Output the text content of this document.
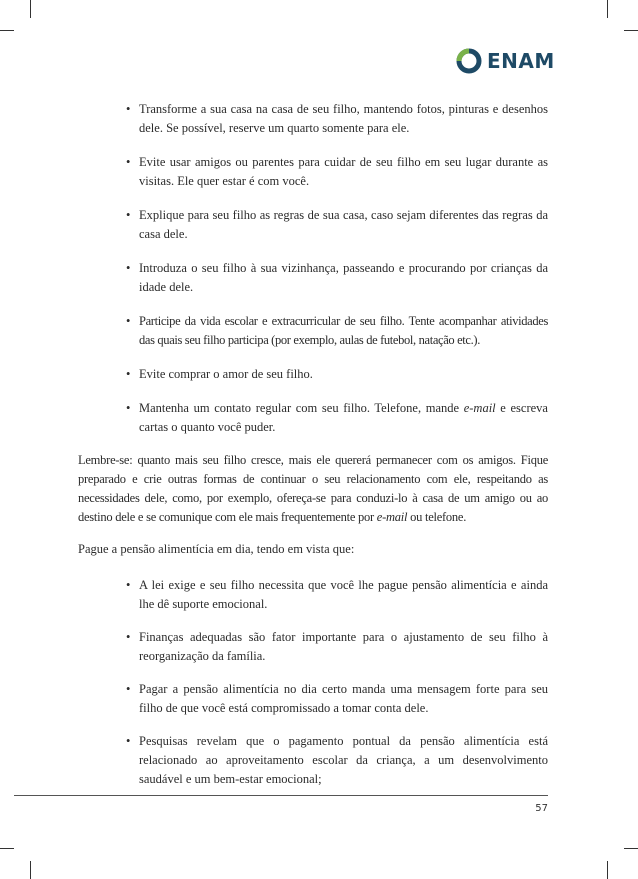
ENAM
• Transforme a sua casa na casa de seu filho, mantendo fotos, pinturas e desenhos dele. Se possível, reserve um quarto somente para ele.
• Evite usar amigos ou parentes para cuidar de seu filho em seu lugar durante as visitas. Ele quer estar é com você.
• Explique para seu filho as regras de sua casa, caso sejam diferentes das regras da casa dele.
• Introduza o seu filho à sua vizinhança, passeando e procurando por crianças da idade dele.
• Participe da vida escolar e extracurricular de seu filho. Tente acompanhar atividades das quais seu filho participa (por exemplo, aulas de futebol, natação etc.).
• Evite comprar o amor de seu filho.
• Mantenha um contato regular com seu filho. Telefone, mande e-mail e escreva cartas o quanto você puder.

Lembre-se: quanto mais seu filho cresce, mais ele quererá permanecer com os amigos. Fique preparado e crie outras formas de continuar o seu relacionamento com ele, respeitando as necessidades dele, como, por exemplo, ofereça-se para conduzi-lo à casa de um amigo ou ao destino dele e se comunique com ele mais frequentemente por e-mail ou telefone.

Pague a pensão alimentícia em dia, tendo em vista que:

• A lei exige e seu filho necessita que você lhe pague pensão alimentícia e ainda lhe dê suporte emocional.
• Finanças adequadas são fator importante para o ajustamento de seu filho à reorganização da família.
• Pagar a pensão alimentícia no dia certo manda uma mensagem forte para seu filho de que você está compromissado a tomar conta dele.
• Pesquisas revelam que o pagamento pontual da pensão alimentícia está relacionado ao aproveitamento escolar da criança, a um desenvolvimento saudável e um bem-estar emocional;
57
